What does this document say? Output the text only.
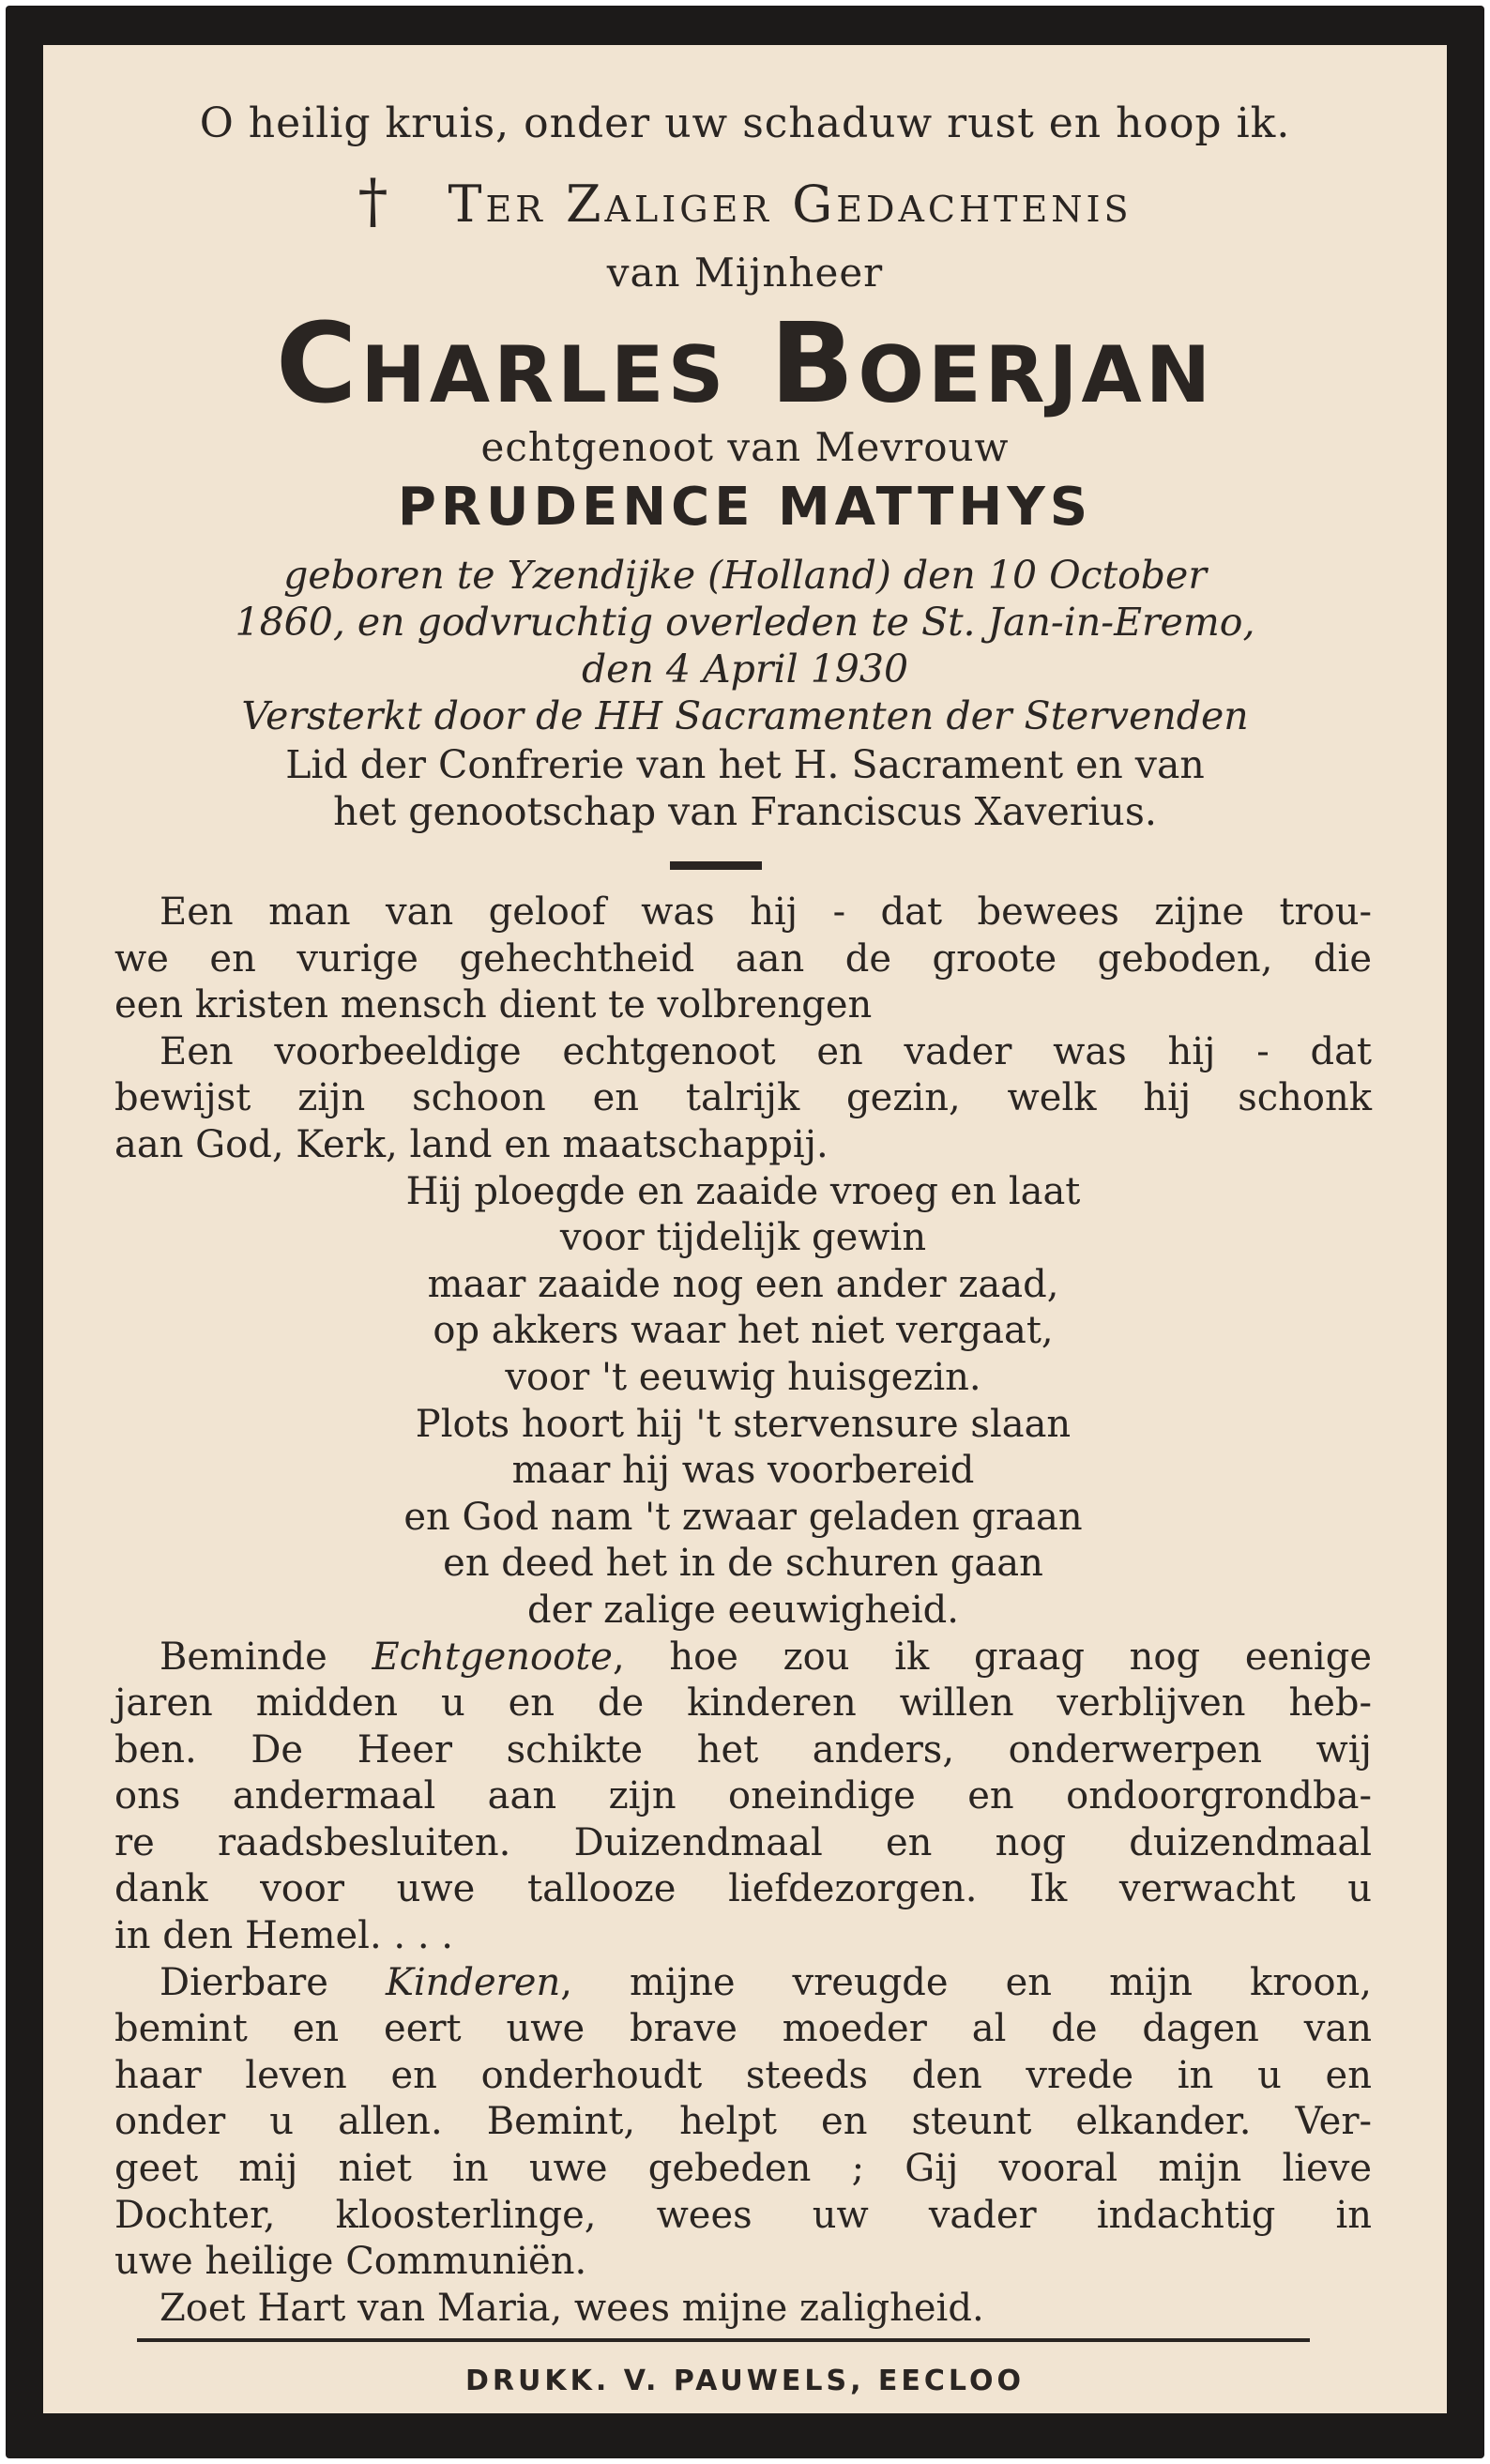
O heilig kruis, onder uw schaduw rust en hoop ik.
† Ter Zaliger Gedachtenis
van Mijnheer
Charles Boerjan
echtgenoot van Mevrouw
PRUDENCE MATTHYS
geboren te Yzendijke (Holland) den 10 October
1860, en godvruchtig overleden te St. Jan-in-Eremo,
den 4 April 1930
Versterkt door de HH Sacramenten der Stervenden
Lid der Confrerie van het H. Sacrament en van
het genootschap van Franciscus Xaverius.
Een man van geloof was hij - dat bewees zijne trou-
we en vurige gehechtheid aan de groote geboden, die
een kristen mensch dient te volbrengen
Een voorbeeldige echtgenoot en vader was hij - dat
bewijst zijn schoon en talrijk gezin, welk hij schonk
aan God, Kerk, land en maatschappij.
Hij ploegde en zaaide vroeg en laat
voor tijdelijk gewin
maar zaaide nog een ander zaad,
op akkers waar het niet vergaat,
voor 't eeuwig huisgezin.
Plots hoort hij 't stervensure slaan
maar hij was voorbereid
en God nam 't zwaar geladen graan
en deed het in de schuren gaan
der zalige eeuwigheid.
Beminde Echtgenoote, hoe zou ik graag nog eenige
jaren midden u en de kinderen willen verblijven heb-
ben. De Heer schikte het anders, onderwerpen wij
ons andermaal aan zijn oneindige en ondoorgrondba-
re raadsbesluiten. Duizendmaal en nog duizendmaal
dank voor uwe tallooze liefdezorgen. Ik verwacht u
in den Hemel. . . .
Dierbare Kinderen, mijne vreugde en mijn kroon,
bemint en eert uwe brave moeder al de dagen van
haar leven en onderhoudt steeds den vrede in u en
onder u allen. Bemint, helpt en steunt elkander. Ver-
geet mij niet in uwe gebeden ; Gij vooral mijn lieve
Dochter, kloosterlinge, wees uw vader indachtig in
uwe heilige Communiën.
Zoet Hart van Maria, wees mijne zaligheid.
DRUKK. V. PAUWELS, EECLOO
